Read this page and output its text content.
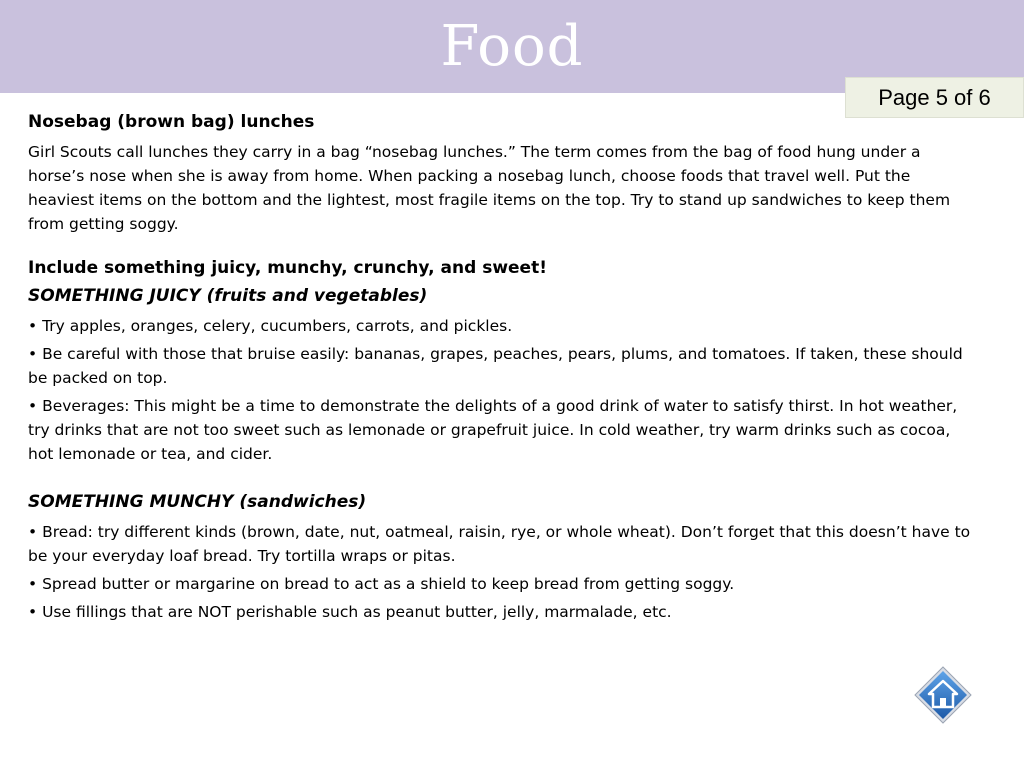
Food
Page 5 of 6
Nosebag (brown bag) lunches

Girl Scouts call lunches they carry in a bag “nosebag lunches.” The term comes from the bag of food hung under a horse’s nose when she is away from home. When packing a nosebag lunch, choose foods that travel well. Put the heaviest items on the bottom and the lightest, most fragile items on the top. Try to stand up sandwiches to keep them from getting soggy.

Include something juicy, munchy, crunchy, and sweet!
SOMETHING JUICY (fruits and vegetables)

• Try apples, oranges, celery, cucumbers, carrots, and pickles.

• Be careful with those that bruise easily: bananas, grapes, peaches, pears, plums, and tomatoes. If taken, these should be packed on top.

• Beverages: This might be a time to demonstrate the delights of a good drink of water to satisfy thirst. In hot weather, try drinks that are not too sweet such as lemonade or grapefruit juice. In cold weather, try warm drinks such as cocoa, hot lemonade or tea, and cider.

SOMETHING MUNCHY (sandwiches)

• Bread: try different kinds (brown, date, nut, oatmeal, raisin, rye, or whole wheat). Don’t forget that this doesn’t have to be your everyday loaf bread. Try tortilla wraps or pitas.

• Spread butter or margarine on bread to act as a shield to keep bread from getting soggy.

• Use fillings that are NOT perishable such as peanut butter, jelly, marmalade, etc.
